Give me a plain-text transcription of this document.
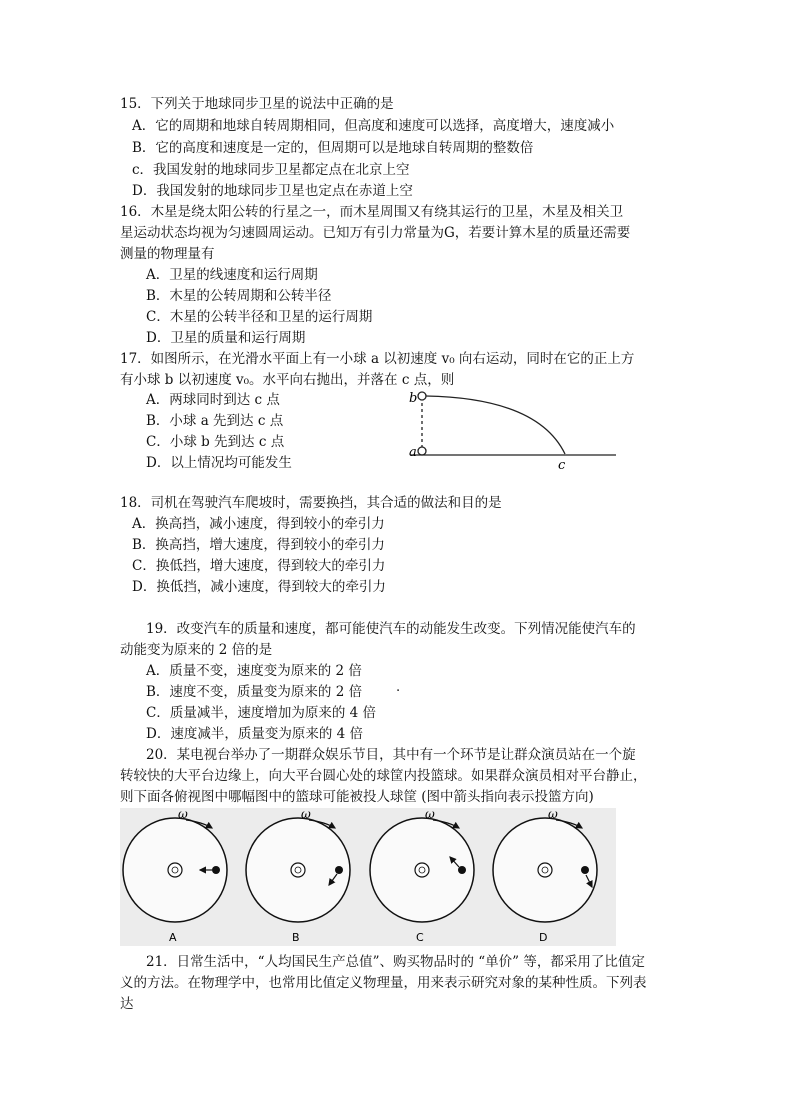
15．下列关于地球同步卫星的说法中正确的是
A．它的周期和地球自转周期相同，但高度和速度可以选择，高度增大，速度减小
B．它的高度和速度是一定的，但周期可以是地球自转周期的整数倍
c．我国发射的地球同步卫星都定点在北京上空
D．我国发射的地球同步卫星也定点在赤道上空
16．木星是绕太阳公转的行星之一，而木星周围又有绕其运行的卫星，木星及相关卫
星运动状态均视为匀速圆周运动。已知万有引力常量为G，若要计算木星的质量还需要
测量的物理量有
A．卫星的线速度和运行周期
B．木星的公转周期和公转半径
C．木星的公转半径和卫星的运行周期
D．卫星的质量和运行周期
17．如图所示，在光滑水平面上有一小球 a 以初速度 v₀ 向右运动，同时在它的正上方
有小球 b 以初速度 v₀。水平向右抛出，并落在 c 点，则
A．两球同时到达 c 点
B．小球 a 先到达 c 点
C．小球 b 先到达 c 点
D．以上情况均可能发生
b
a
c
18．司机在驾驶汽车爬坡时，需要换挡，其合适的做法和目的是
A．换高挡，减小速度，得到较小的牵引力
B．换高挡，增大速度，得到较小的牵引力
C．换低挡，增大速度，得到较大的牵引力
D．换低挡，减小速度，得到较大的牵引力
19．改变汽车的质量和速度，都可能使汽车的动能发生改变。下列情况能使汽车的
动能变为原来的 2 倍的是
A．质量不变，速度变为原来的 2 倍
B．速度不变，质量变为原来的 2 倍	.
C．质量减半，速度增加为原来的 4 倍
D．速度减半，质量变为原来的 4 倍
20．某电视台举办了一期群众娱乐节目，其中有一个环节是让群众演员站在一个旋
转较快的大平台边缘上，向大平台圆心处的球筐内投篮球。如果群众演员相对平台静止，
则下面各俯视图中哪幅图中的篮球可能被投人球筐 (图中箭头指向表示投篮方向)
ω
A
ω
B
ω
C
ω
D
21．日常生活中，“人均国民生产总值”、购买物品时的 “单价” 等，都采用了比值定
义的方法。在物理学中，也常用比值定义物理量，用来表示研究对象的某种性质。下列表
达
